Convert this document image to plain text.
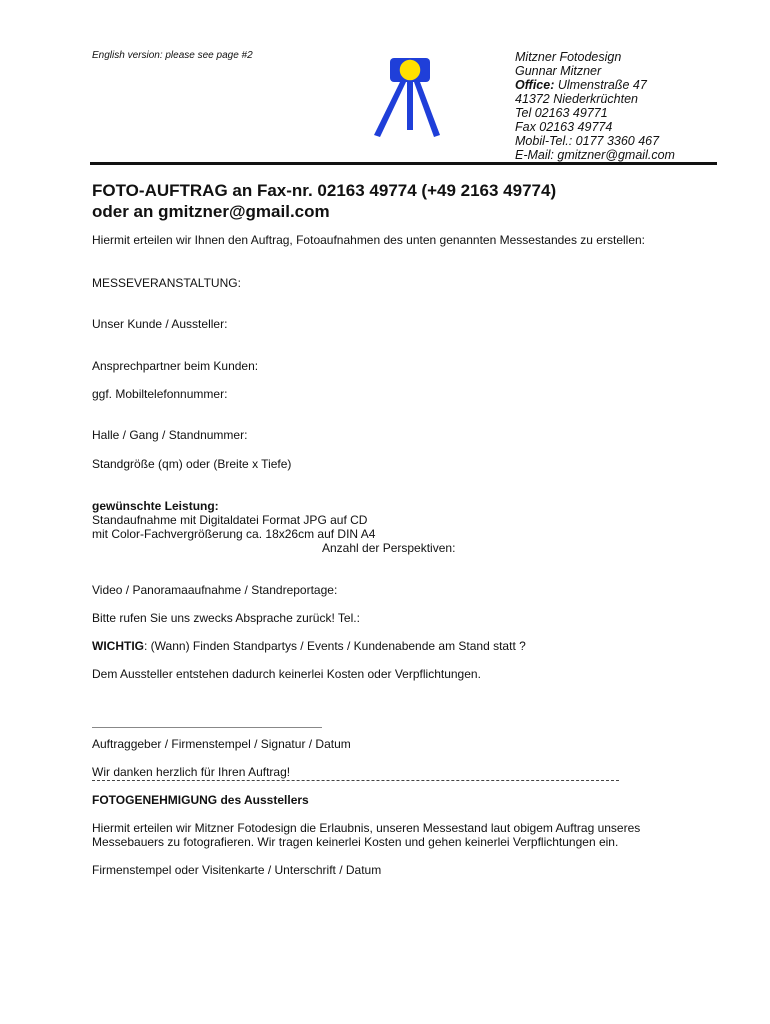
English version: please see page #2	Mitzner Fotodesign
Gunnar Mitzner
Office: Ulmenstraße 47
41372 Niederkrüchten
Tel 02163 49771
Fax 02163 49774
Mobil-Tel.: 0177 3360 467
E-Mail: gmitzner@gmail.com
FOTO-AUFTRAG an Fax-nr. 02163 49774 (+49 2163 49774)
oder an gmitzner@gmail.com
Hiermit erteilen wir Ihnen den Auftrag, Fotoaufnahmen des unten genannten Messestandes zu erstellen:
MESSEVERANSTALTUNG:
Unser Kunde / Aussteller:
Ansprechpartner beim Kunden:
ggf. Mobiltelefonnummer:
Halle / Gang / Standnummer:
Standgröße (qm) oder (Breite x Tiefe)
gewünschte Leistung:
Standaufnahme mit Digitaldatei Format JPG auf CD
mit Color-Fachvergrößerung ca. 18x26cm auf DIN A4
Anzahl der Perspektiven:
Video / Panoramaaufnahme / Standreportage:
Bitte rufen Sie uns zwecks Absprache zurück! Tel.:
WICHTIG: (Wann) Finden Standpartys / Events / Kundenabende am Stand statt ?
Dem Aussteller entstehen dadurch keinerlei Kosten oder Verpflichtungen.
Auftraggeber / Firmenstempel / Signatur / Datum
Wir danken herzlich für Ihren Auftrag!
FOTOGENEHMIGUNG des Ausstellers
Hiermit erteilen wir Mitzner Fotodesign die Erlaubnis, unseren Messestand laut obigem Auftrag unseres Messebauers zu fotografieren. Wir tragen keinerlei Kosten und gehen keinerlei Verpflichtungen ein.
Firmenstempel oder Visitenkarte / Unterschrift / Datum
